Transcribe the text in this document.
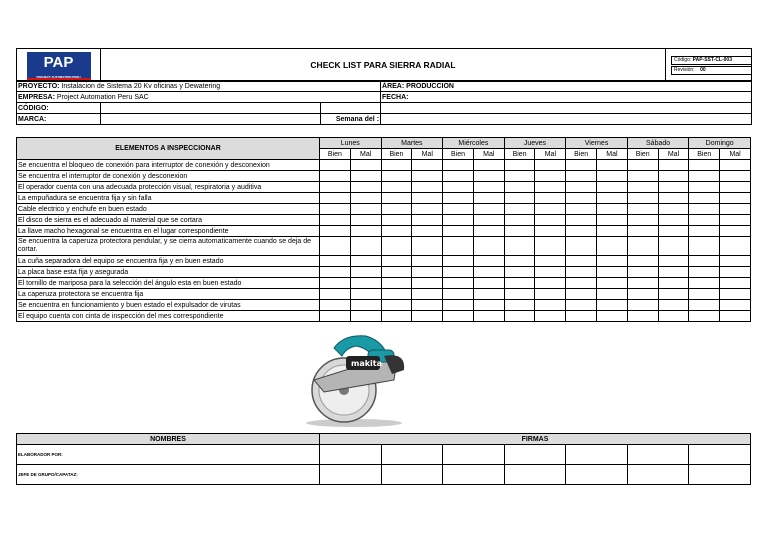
PAP
PROJECT AUTOMATION PERU
	CHECK LIST PARA SIERRA RADIAL	Código: PAP-SST-CL-003
Revisión: 00
PROYECTO: Instalacion de Sistema 20 Kv oficinas y Dewatering			ÁREA: PRODUCCION
EMPRESA: Project Automation Peru SAC			FECHA:
CÓDIGO:			
MARCA:		Semana del :	
ELEMENTOS A INSPECCIONAR	Lunes		Martes		Miércoles		Jueves		Viernes		Sábado		Domingo	
	Bien	Mal	Bien	Mal	Bien	Mal	Bien	Mal	Bien	Mal	Bien	Mal	Bien	Mal
Se encuentra el bloqueo de conexión para interruptor de conexión y desconexion														
Se encuentra el interruptor de conexión y desconexion														
El operador cuenta con una adecuada protección visual, respiratoria y auditiva														
La empuñadura se encuentra fija y sin falla														
Cable electrico y enchufe en buen estado														
El disco de sierra es el adecuado al material que se cortara														
La llave macho hexagonal se encuentra en el lugar correspondiente														
Se encuentra la caperuza protectora pendular, y se cierra automaticamente cuando se deja de cortar.														
La cuña separadora del equipo se encuentra fija y en buen estado														
La placa base esta fija y asegurada														
El tornillo de mariposa para la selección del ángulo esta en buen estado														
La caperuza protectora se encuentra fija														
Se encuentra en funcionamiento y buen estado el expulsador de virutas														
El equipo cuenta con cinta de inspección del mes correspondiente														
makita
NOMBRES	FIRMAS						
ELABORADOR POR:							
JEFE DE GRUPO/CAPATAZ:							
